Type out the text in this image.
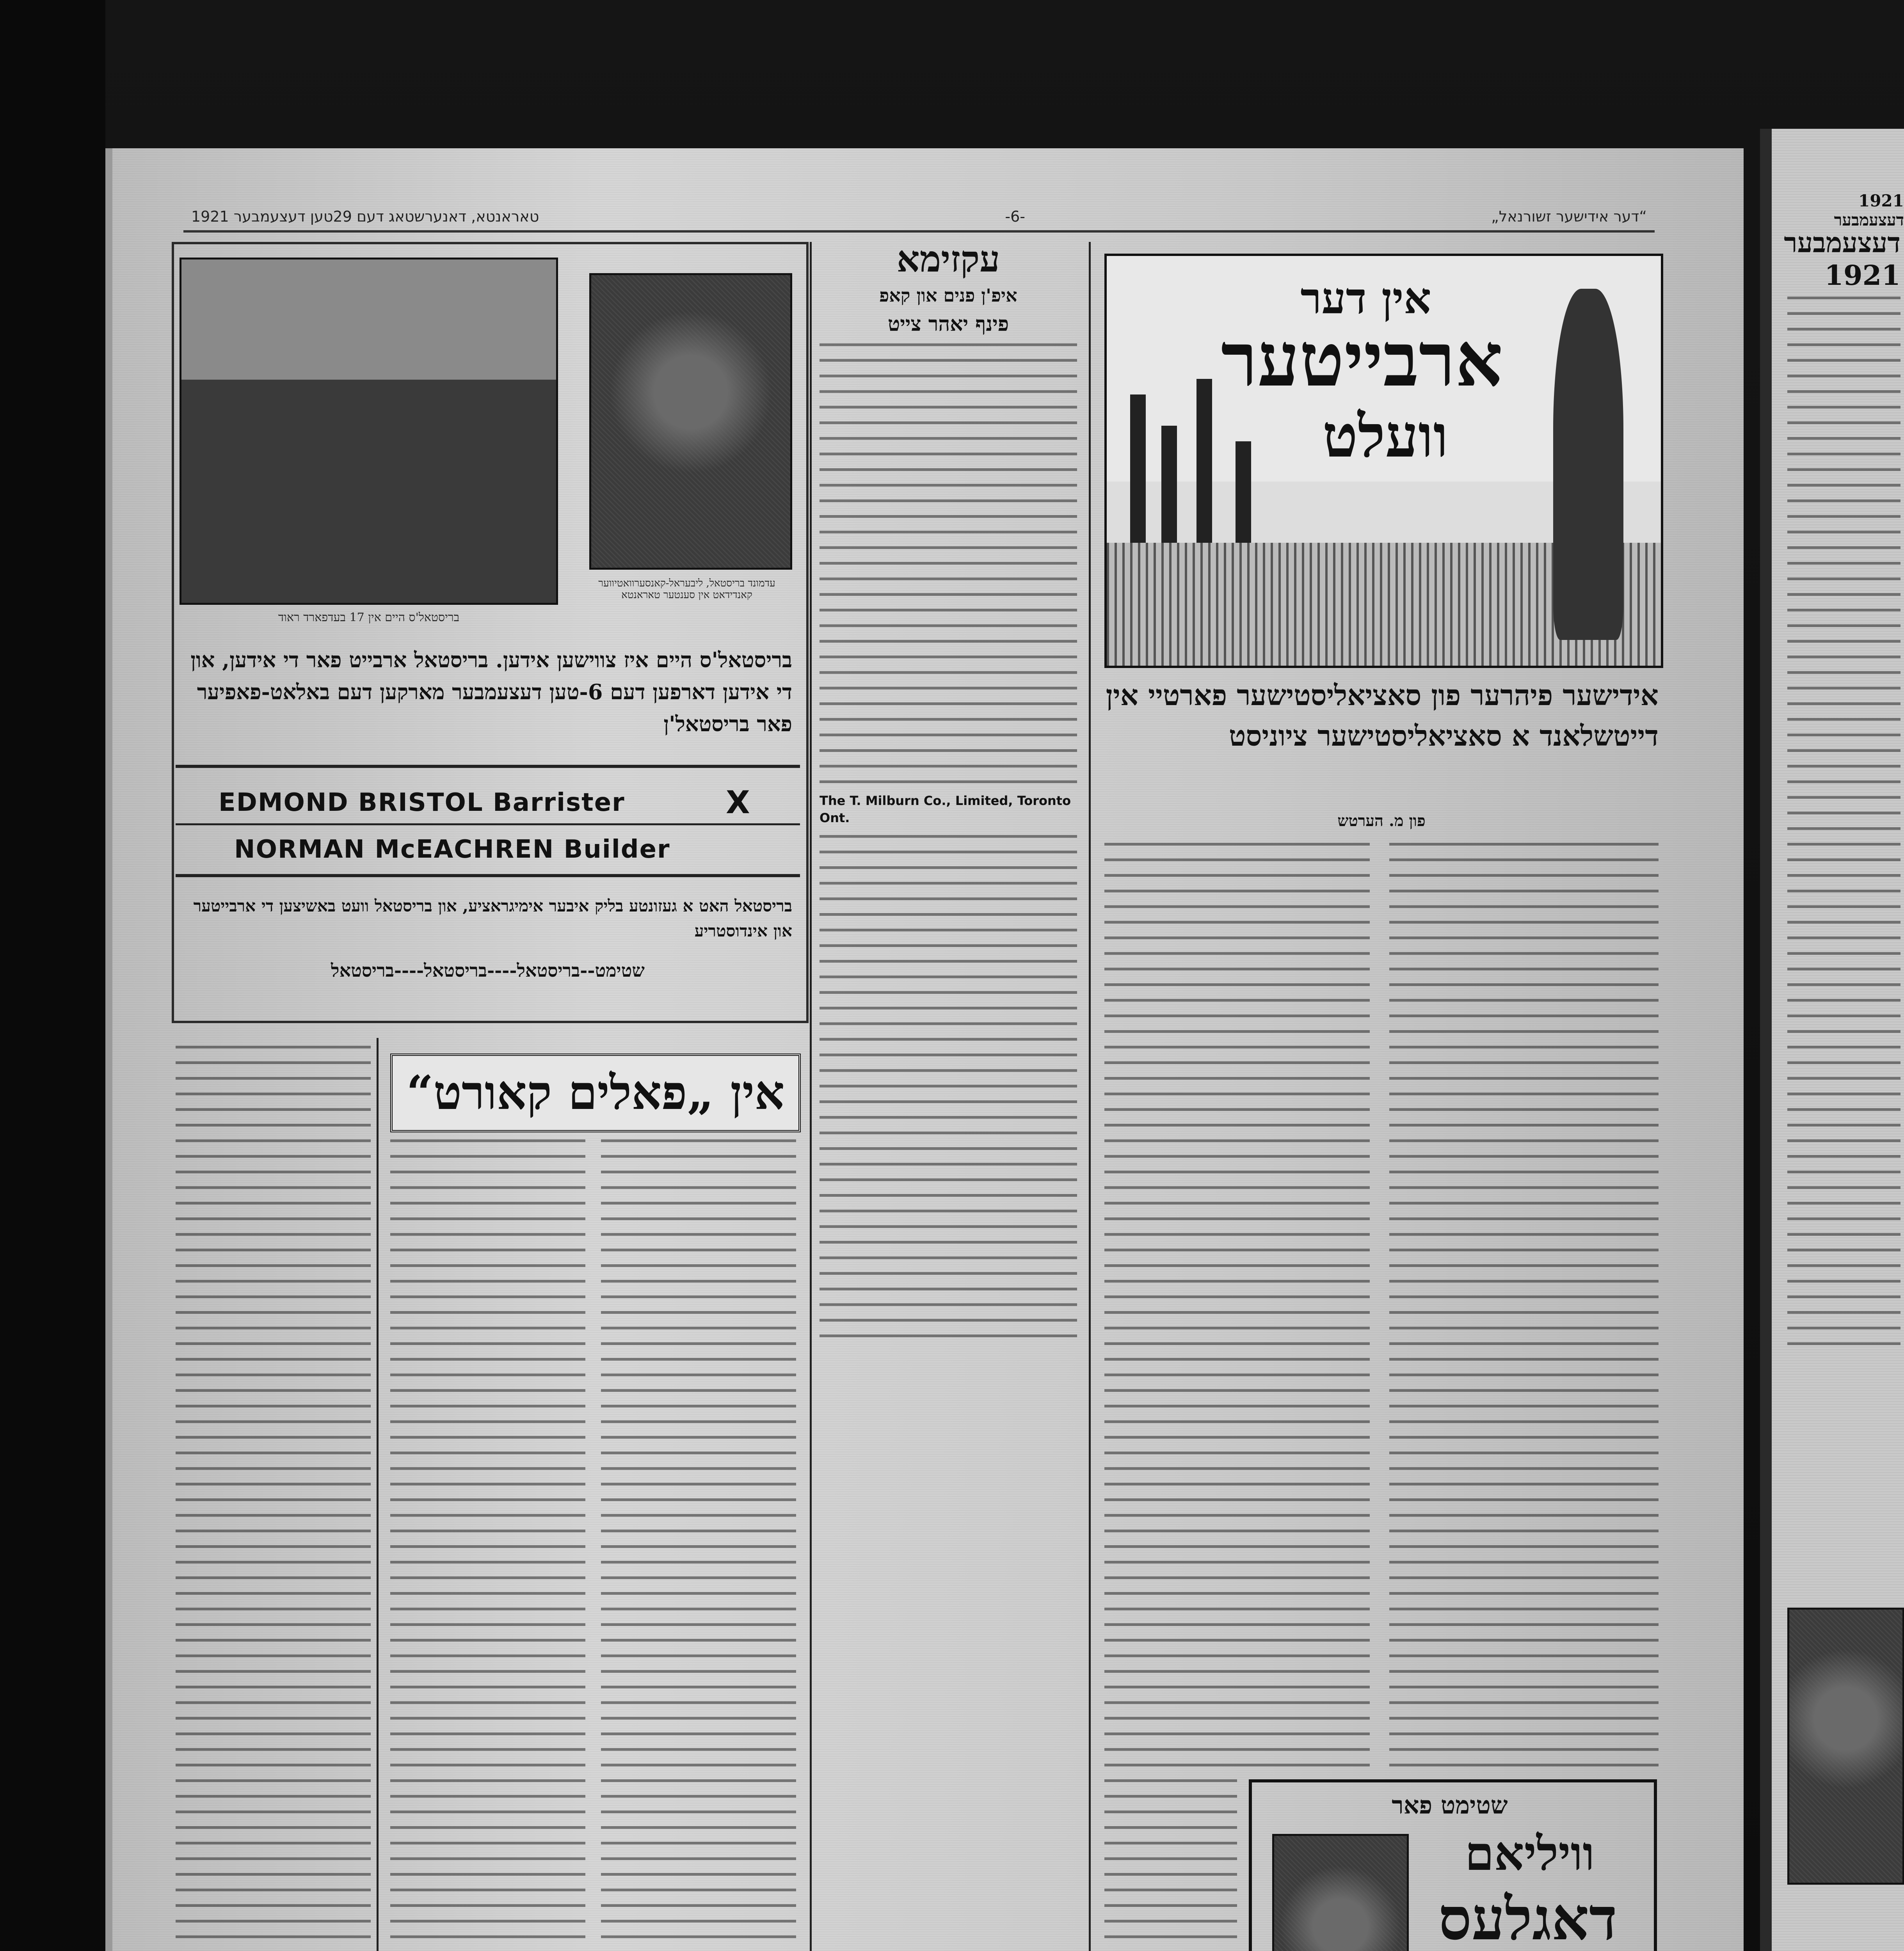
טאראנטא, דאנערשטאג דעם 29טען דעצעמבער 1921	-6-	„דער אידישער זשורנאל“
בריסטאל'ס היים אין 17 בעדפארד ראוד
עדמונד בריסטאל, ליבעראל-קאנסערוואטיווער קאנדידאט אין סענטער טאראנטא
בריסטאל'ס היים איז צווישען אידען. בריסטאל ארבייט פאר די אידען, און די אידען דארפען דעם 6-טען דעצעמבער מארקען דעם באלאט-פאפיער פאר בריסטאל'ן
EDMOND BRISTOL Barrister	X
NORMAN McEACHREN Builder
בריסטאל האט א געזונטע בליק איבער אימיגראציע, און בריסטאל וועט באשיצען די ארבייטער און אינדוסטריע
שטימט--בריסטאל----בריסטאל----בריסטאל
עקזימא
איפ'ן פנים און קאפ
פינף יאהר צייט
The T. Milburn Co., Limited, Toronto Ont.
אין דער
ארבייטער
וועלט
אידישער פיהרער פון סאציאליסטישער פארטיי אין דייטשלאנד א סאציאליסטישער ציוניסט
פון מ. הערטש
אין „פאלים קאורט“
שטימט פאר
וויליאם
דאגלעס
1921 דעצעמבער
דעצעמבער 1921
